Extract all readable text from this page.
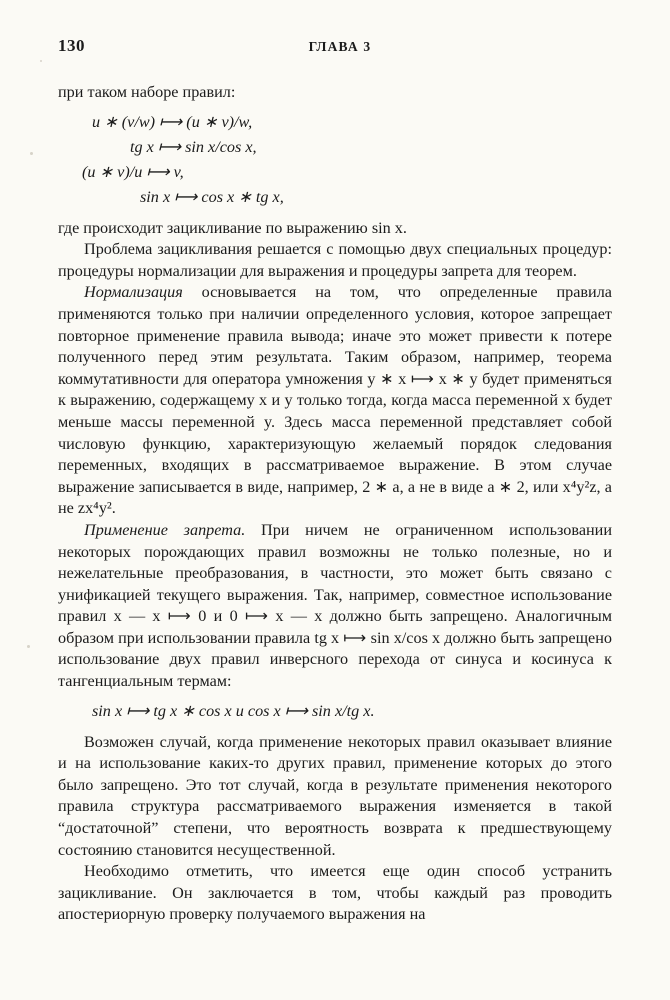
130	ГЛАВА 3

при таком наборе правил:

u ∗ (v/w) ⟼ (u ∗ v)/w,
tg x ⟼ sin x/cos x,
(u ∗ v)/u ⟼ v,
sin x ⟼ cos x ∗ tg x,

где происходит зацикливание по выражению sin x.

Проблема зацикливания решается с помощью двух специальных процедур: процедуры нормализации для выражения и процедуры запрета для теорем.

Нормализация основывается на том, что определенные правила применяются только при наличии определенного условия, которое запрещает повторное применение правила вывода; иначе это может привести к потере полученного перед этим результата. Таким образом, например, теорема коммутативности для оператора умножения y ∗ x ⟼ x ∗ y будет применяться к выражению, содержащему x и y только тогда, когда масса переменной x будет меньше массы переменной y. Здесь масса переменной представляет собой числовую функцию, характеризующую желаемый порядок следования переменных, входящих в рассматриваемое выражение. В этом случае выражение записывается в виде, например, 2 ∗ a, а не в виде a ∗ 2, или x⁴y²z, а не zx⁴y².

Применение запрета. При ничем не ограниченном использовании некоторых порождающих правил возможны не только полезные, но и нежелательные преобразования, в частности, это может быть связано с унификацией текущего выражения. Так, например, совместное использование правил x — x ⟼ 0 и 0 ⟼ x — x должно быть запрещено. Аналогичным образом при использовании правила tg x ⟼ sin x/cos x должно быть запрещено использование двух правил инверсного перехода от синуса и косинуса к тангенциальным термам:

sin x ⟼ tg x ∗ cos x и cos x ⟼ sin x/tg x.

Возможен случай, когда применение некоторых правил оказывает влияние и на использование каких-то других правил, применение которых до этого было запрещено. Это тот случай, когда в результате применения некоторого правила структура рассматриваемого выражения изменяется в такой “достаточной” степени, что вероятность возврата к предшествующему состоянию становится несущественной.

Необходимо отметить, что имеется еще один способ устранить зацикливание. Он заключается в том, чтобы каждый раз проводить апостериорную проверку получаемого выражения на
